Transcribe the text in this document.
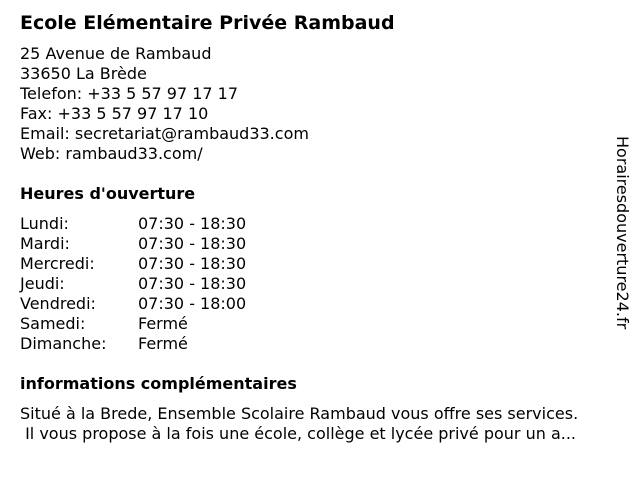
Ecole Elémentaire Privée Rambaud
25 Avenue de Rambaud
33650 La Brède
Telefon: +33 5 57 97 17 17
Fax: +33 5 57 97 17 10
Email: secretariat@rambaud33.com
Web: rambaud33.com/
Heures d'ouverture
Lundi:	07:30 - 18:30
Mardi:	07:30 - 18:30
Mercredi:	07:30 - 18:30
Jeudi:	07:30 - 18:30
Vendredi:	07:30 - 18:00
Samedi:	Fermé
Dimanche:	Fermé
informations complémentaires
Situé à la Brede, Ensemble Scolaire Rambaud vous offre ses services.
Il vous propose à la fois une école, collège et lycée privé pour un a...
Horairesdouverture24.fr
